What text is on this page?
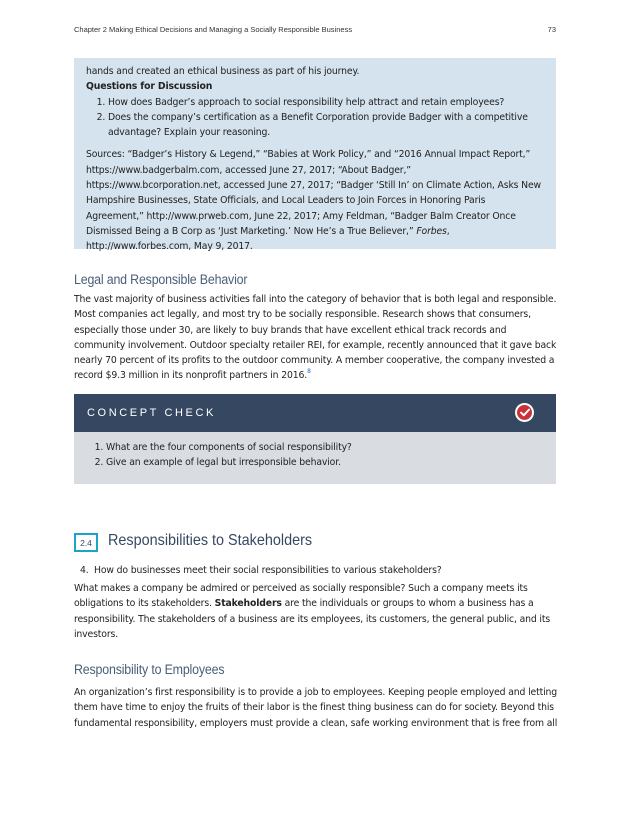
Chapter 2 Making Ethical Decisions and Managing a Socially Responsible Business	73

hands and created an ethical business as part of his journey.

Questions for Discussion

1. How does Badger’s approach to social responsibility help attract and retain employees?
2. Does the company’s certification as a Benefit Corporation provide Badger with a competitive advantage? Explain your reasoning.

Sources: “Badger’s History & Legend,” “Babies at Work Policy,” and “2016 Annual Impact Report,” https://www.badgerbalm.com, accessed June 27, 2017; “About Badger,” https://www.bcorporation.net, accessed June 27, 2017; “Badger ‘Still In’ on Climate Action, Asks New Hampshire Businesses, State Officials, and Local Leaders to Join Forces in Honoring Paris Agreement,” http://www.prweb.com, June 22, 2017; Amy Feldman, “Badger Balm Creator Once Dismissed Being a B Corp as ‘Just Marketing.’ Now He’s a True Believer,” Forbes, http://www.forbes.com, May 9, 2017.

Legal and Responsible Behavior

The vast majority of business activities fall into the category of behavior that is both legal and responsible. Most companies act legally, and most try to be socially responsible. Research shows that consumers, especially those under 30, are likely to buy brands that have excellent ethical track records and community involvement. Outdoor specialty retailer REI, for example, recently announced that it gave back nearly 70 percent of its profits to the outdoor community. A member cooperative, the company invested a record $9.3 million in its nonprofit partners in 2016.$^8$

CONCEPT CHECK
1. What are the four components of social responsibility?
2. Give an example of legal but irresponsible behavior.
2.4	Responsibilities to Stakeholders

4. How do businesses meet their social responsibilities to various stakeholders?

What makes a company be admired or perceived as socially responsible? Such a company meets its obligations to its stakeholders. Stakeholders are the individuals or groups to whom a business has a responsibility. The stakeholders of a business are its employees, its customers, the general public, and its investors.

Responsibility to Employees

An organization’s first responsibility is to provide a job to employees. Keeping people employed and letting them have time to enjoy the fruits of their labor is the finest thing business can do for society. Beyond this fundamental responsibility, employers must provide a clean, safe working environment that is free from all
